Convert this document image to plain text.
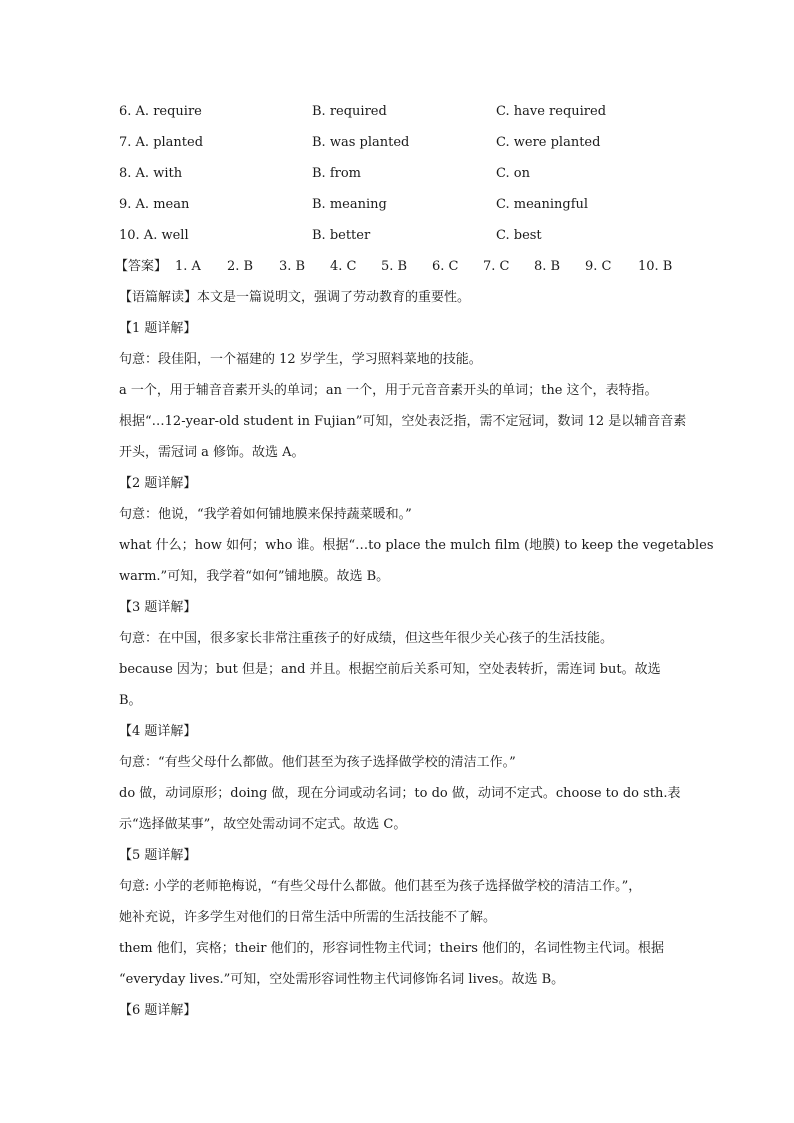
6. A. require	B. required	C. have required
7. A. planted	B. was planted	C. were planted
8. A. with	B. from	C. on
9. A. mean	B. meaning	C. meaningful
10. A. well	B. better	C. best
【答案】 1. A 2. B 3. B 4. C 5. B 6. C 7. C 8. B 9. C 10. B
【语篇解读】本文是一篇说明文，强调了劳动教育的重要性。
【1 题详解】
句意：段佳阳，一个福建的 12 岁学生，学习照料菜地的技能。
a 一个，用于辅音音素开头的单词；an 一个，用于元音音素开头的单词；the 这个，表特指。
根据“…12-year-old student in Fujian”可知，空处表泛指，需不定冠词，数词 12 是以辅音音素
开头，需冠词 a 修饰。故选 A。
【2 题详解】
句意：他说，“我学着如何铺地膜来保持蔬菜暖和。”
what 什么；how 如何；who 谁。根据“…to place the mulch film (地膜) to keep the vegetables
warm.”可知，我学着“如何”铺地膜。故选 B。
【3 题详解】
句意：在中国，很多家长非常注重孩子的好成绩，但这些年很少关心孩子的生活技能。
because 因为；but 但是；and 并且。根据空前后关系可知，空处表转折，需连词 but。故选
B。
【4 题详解】
句意：“有些父母什么都做。他们甚至为孩子选择做学校的清洁工作。”
do 做，动词原形；doing 做，现在分词或动名词；to do 做，动词不定式。choose to do sth.表
示“选择做某事”，故空处需动词不定式。故选 C。
【5 题详解】
句意: 小学的老师艳梅说，“有些父母什么都做。他们甚至为孩子选择做学校的清洁工作。”，
她补充说，许多学生对他们的日常生活中所需的生活技能不了解。
them 他们，宾格；their 他们的，形容词性物主代词；theirs 他们的，名词性物主代词。根据
“everyday lives.”可知，空处需形容词性物主代词修饰名词 lives。故选 B。
【6 题详解】
